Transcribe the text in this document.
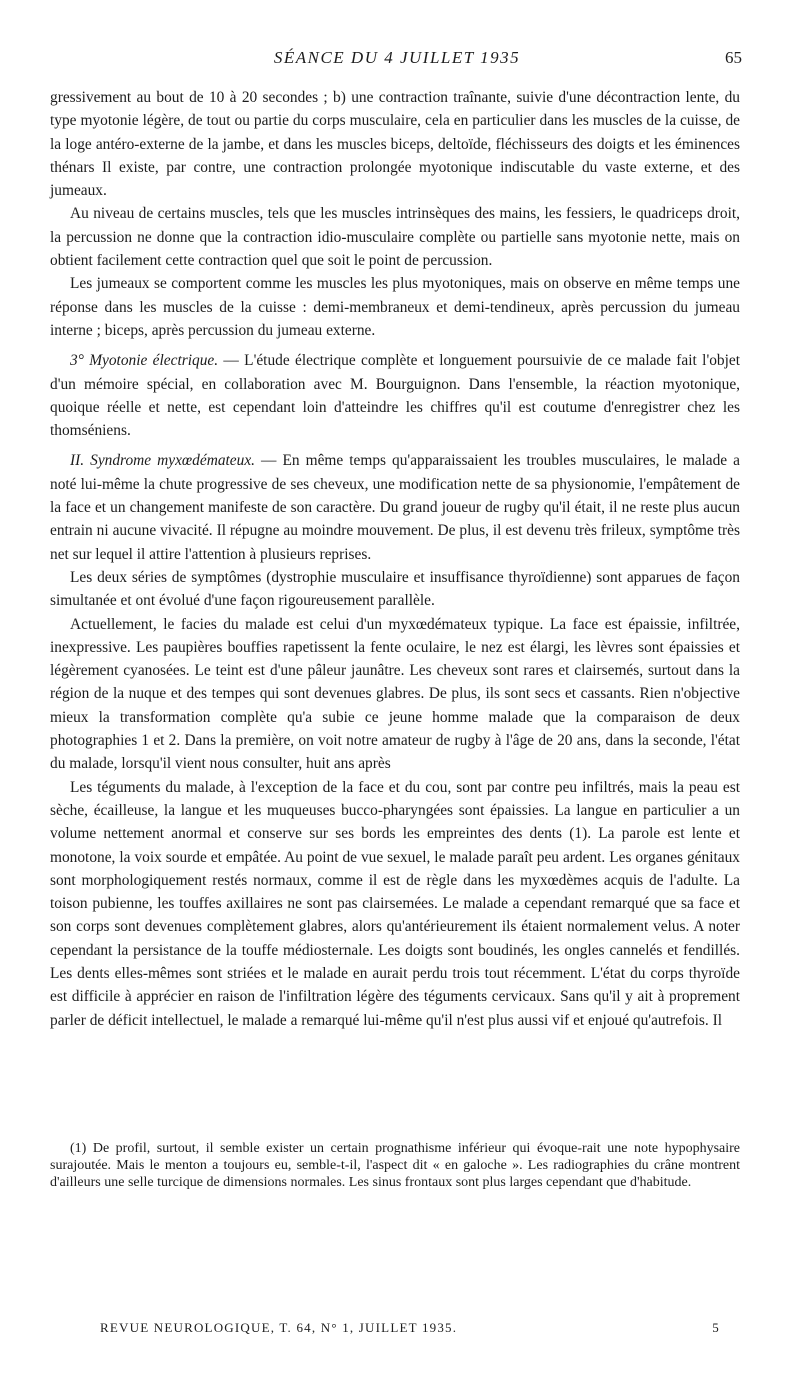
SÉANCE DU 4 JUILLET 1935	65

gressivement au bout de 10 à 20 secondes ; b) une contraction traînante, suivie d'une décontraction lente, du type myotonie légère, de tout ou partie du corps musculaire, cela en particulier dans les muscles de la cuisse, de la loge antéro-externe de la jambe, et dans les muscles biceps, deltoïde, fléchisseurs des doigts et les éminences thénars Il existe, par contre, une contraction prolongée myotonique indiscutable du vaste externe, et des jumeaux.

Au niveau de certains muscles, tels que les muscles intrinsèques des mains, les fessiers, le quadriceps droit, la percussion ne donne que la contraction idio-musculaire complète ou partielle sans myotonie nette, mais on obtient facilement cette contraction quel que soit le point de percussion.

Les jumeaux se comportent comme les muscles les plus myotoniques, mais on observe en même temps une réponse dans les muscles de la cuisse : demi-membraneux et demi-tendineux, après percussion du jumeau interne ; biceps, après percussion du jumeau externe.

3° Myotonie électrique. — L'étude électrique complète et longuement poursuivie de ce malade fait l'objet d'un mémoire spécial, en collaboration avec M. Bourguignon. Dans l'ensemble, la réaction myotonique, quoique réelle et nette, est cependant loin d'atteindre les chiffres qu'il est coutume d'enregistrer chez les thomséniens.

II. Syndrome myxœdémateux. — En même temps qu'apparaissaient les troubles musculaires, le malade a noté lui-même la chute progressive de ses cheveux, une modification nette de sa physionomie, l'empâtement de la face et un changement manifeste de son caractère. Du grand joueur de rugby qu'il était, il ne reste plus aucun entrain ni aucune vivacité. Il répugne au moindre mouvement. De plus, il est devenu très frileux, symptôme très net sur lequel il attire l'attention à plusieurs reprises.

Les deux séries de symptômes (dystrophie musculaire et insuffisance thyroïdienne) sont apparues de façon simultanée et ont évolué d'une façon rigoureusement parallèle.

Actuellement, le facies du malade est celui d'un myxœdémateux typique. La face est épaissie, infiltrée, inexpressive. Les paupières bouffies rapetissent la fente oculaire, le nez est élargi, les lèvres sont épaissies et légèrement cyanosées. Le teint est d'une pâleur jaunâtre. Les cheveux sont rares et clairsemés, surtout dans la région de la nuque et des tempes qui sont devenues glabres. De plus, ils sont secs et cassants. Rien n'objective mieux la transformation complète qu'a subie ce jeune homme malade que la comparaison de deux photographies 1 et 2. Dans la première, on voit notre amateur de rugby à l'âge de 20 ans, dans la seconde, l'état du malade, lorsqu'il vient nous consulter, huit ans après

Les téguments du malade, à l'exception de la face et du cou, sont par contre peu infiltrés, mais la peau est sèche, écailleuse, la langue et les muqueuses bucco-pharyngées sont épaissies. La langue en particulier a un volume nettement anormal et conserve sur ses bords les empreintes des dents (1). La parole est lente et monotone, la voix sourde et empâtée. Au point de vue sexuel, le malade paraît peu ardent. Les organes génitaux sont morphologiquement restés normaux, comme il est de règle dans les myxœdèmes acquis de l'adulte. La toison pubienne, les touffes axillaires ne sont pas clairsemées. Le malade a cependant remarqué que sa face et son corps sont devenues complètement glabres, alors qu'antérieurement ils étaient normalement velus. A noter cependant la persistance de la touffe médiosternale. Les doigts sont boudinés, les ongles cannelés et fendillés. Les dents elles-mêmes sont striées et le malade en aurait perdu trois tout récemment. L'état du corps thyroïde est difficile à apprécier en raison de l'infiltration légère des téguments cervicaux. Sans qu'il y ait à proprement parler de déficit intellectuel, le malade a remarqué lui-même qu'il n'est plus aussi vif et enjoué qu'autrefois. Il

(1) De profil, surtout, il semble exister un certain prognathisme inférieur qui évoque-rait une note hypophysaire surajoutée. Mais le menton a toujours eu, semble-t-il, l'aspect dit « en galoche ». Les radiographies du crâne montrent d'ailleurs une selle turcique de dimensions normales. Les sinus frontaux sont plus larges cependant que d'habitude.

REVUE NEUROLOGIQUE, T. 64, N° 1, JUILLET 1935.	5
